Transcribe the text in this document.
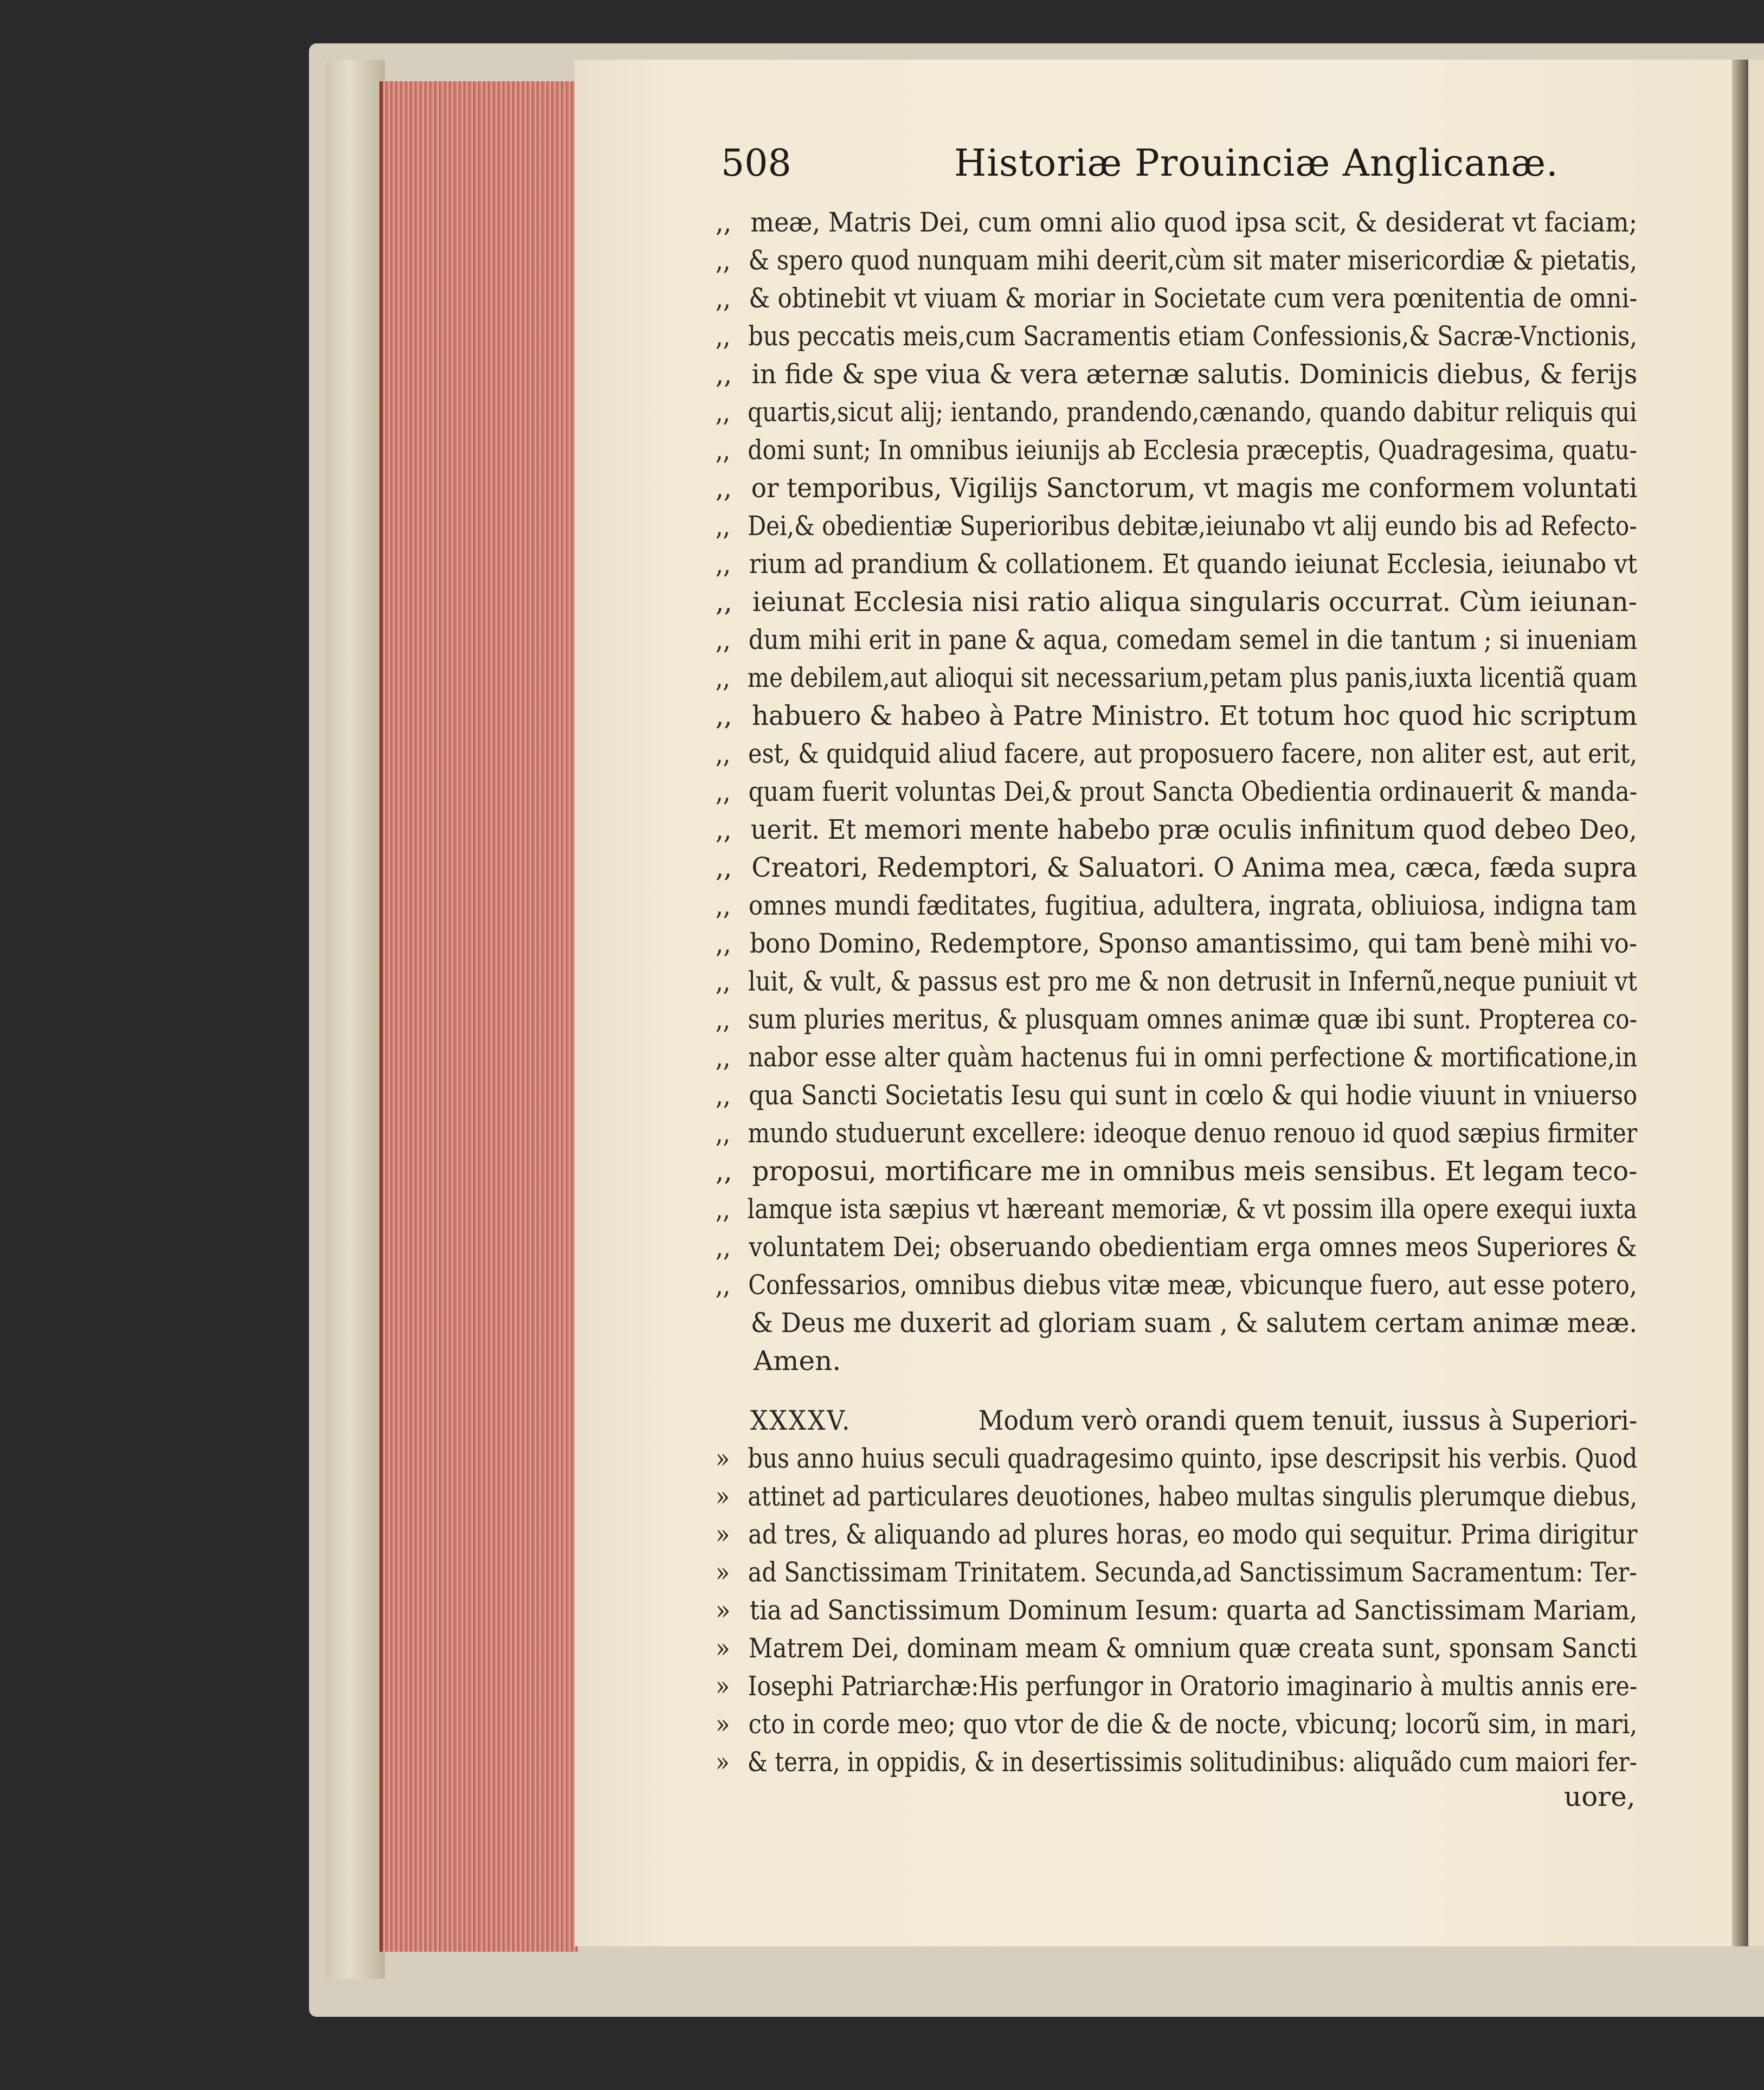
508	Historiæ Prouinciæ Anglicanæ.
,, meæ, Matris Dei, cum omni alio quod ipsa scit, & desiderat vt faciam;
,, & spero quod nunquam mihi deerit,cùm sit mater misericordiæ & pietatis,
,, & obtinebit vt viuam & moriar in Societate cum vera pœnitentia de omni-
,, bus peccatis meis,cum Sacramentis etiam Confessionis,& Sacræ-Vnctionis,
,, in fide & spe viua & vera æternæ salutis. Dominicis diebus, & ferijs
,, quartis,sicut alij; ientando, prandendo,cænando, quando dabitur reliquis qui
,, domi sunt; In omnibus ieiunijs ab Ecclesia præceptis, Quadragesima, quatu-
,, or temporibus, Vigilijs Sanctorum, vt magis me conformem voluntati
,, Dei,& obedientiæ Superioribus debitæ,ieiunabo vt alij eundo bis ad Refecto-
,, rium ad prandium & collationem. Et quando ieiunat Ecclesia, ieiunabo vt
,, ieiunat Ecclesia nisi ratio aliqua singularis occurrat. Cùm ieiunan-
,, dum mihi erit in pane & aqua, comedam semel in die tantum ; si inueniam
,, me debilem,aut alioqui sit necessarium,petam plus panis,iuxta licentiã quam
,, habuero & habeo à Patre Ministro. Et totum hoc quod hic scriptum
,, est, & quidquid aliud facere, aut proposuero facere, non aliter est, aut erit,
,, quam fuerit voluntas Dei,& prout Sancta Obedientia ordinauerit & manda-
,, uerit. Et memori mente habebo præ oculis infinitum quod debeo Deo,
,, Creatori, Redemptori, & Saluatori. O Anima mea, cæca, fæda supra
,, omnes mundi fæditates, fugitiua, adultera, ingrata, obliuiosa, indigna tam
,, bono Domino, Redemptore, Sponso amantissimo, qui tam benè mihi vo-
,, luit, & vult, & passus est pro me & non detrusit in Infernũ,neque puniuit vt
,, sum pluries meritus, & plusquam omnes animæ quæ ibi sunt. Propterea co-
,, nabor esse alter quàm hactenus fui in omni perfectione & mortificatione,in
,, qua Sancti Societatis Iesu qui sunt in cœlo & qui hodie viuunt in vniuerso
,, mundo studuerunt excellere: ideoque denuo renouo id quod sæpius firmiter
,, proposui, mortificare me in omnibus meis sensibus. Et legam teco-
,, lamque ista sæpius vt hæreant memoriæ, & vt possim illa opere exequi iuxta
,, voluntatem Dei; obseruando obedientiam erga omnes meos Superiores &
,, Confessarios, omnibus diebus vitæ meæ, vbicunque fuero, aut esse potero,
& Deus me duxerit ad gloriam suam , & salutem certam animæ meæ.
Amen.
XXXXV.	Modum verò orandi quem tenuit, iussus à Superiori-
» bus anno huius seculi quadragesimo quinto, ipse descripsit his verbis. Quod
» attinet ad particulares deuotiones, habeo multas singulis plerumque diebus,
» ad tres, & aliquando ad plures horas, eo modo qui sequitur. Prima dirigitur
» ad Sanctissimam Trinitatem. Secunda,ad Sanctissimum Sacramentum: Ter-
» tia ad Sanctissimum Dominum Iesum: quarta ad Sanctissimam Mariam,
» Matrem Dei, dominam meam & omnium quæ creata sunt, sponsam Sancti
» Iosephi Patriarchæ:His perfungor in Oratorio imaginario à multis annis ere-
» cto in corde meo; quo vtor de die & de nocte, vbicunq; locorũ sim, in mari,
» & terra, in oppidis, & in desertissimis solitudinibus: aliquãdo cum maiori fer-
uore,
